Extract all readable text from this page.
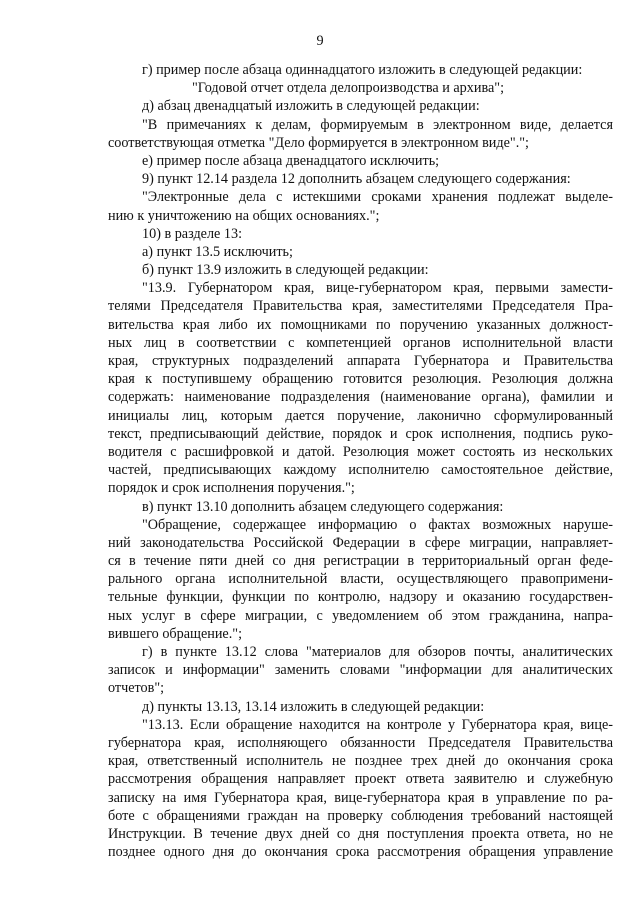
9
г) пример после абзаца одиннадцатого изложить в следующей редакции:
"Годовой отчет отдела делопроизводства и архива";
д) абзац двенадцатый изложить в следующей редакции:
"В примечаниях к делам, формируемым в электронном виде, делается
соответствующая отметка "Дело формируется в электронном виде".";
е) пример после абзаца двенадцатого исключить;
9) пункт 12.14 раздела 12 дополнить абзацем следующего содержания:
"Электронные дела с истекшими сроками хранения подлежат выделе-
нию к уничтожению на общих основаниях.";
10) в разделе 13:
а) пункт 13.5 исключить;
б) пункт 13.9 изложить в следующей редакции:
"13.9. Губернатором края, вице-губернатором края, первыми замести-
телями Председателя Правительства края, заместителями Председателя Пра-
вительства края либо их помощниками по поручению указанных должност-
ных лиц в соответствии с компетенцией органов исполнительной власти
края, структурных подразделений аппарата Губернатора и Правительства
края к поступившему обращению готовится резолюция. Резолюция должна
содержать: наименование подразделения (наименование органа), фамилии и
инициалы лиц, которым дается поручение, лаконично сформулированный
текст, предписывающий действие, порядок и срок исполнения, подпись руко-
водителя с расшифровкой и датой. Резолюция может состоять из нескольких
частей, предписывающих каждому исполнителю самостоятельное действие,
порядок и срок исполнения поручения.";
в) пункт 13.10 дополнить абзацем следующего содержания:
"Обращение, содержащее информацию о фактах возможных наруше-
ний законодательства Российской Федерации в сфере миграции, направляет-
ся в течение пяти дней со дня регистрации в территориальный орган феде-
рального органа исполнительной власти, осуществляющего правопримени-
тельные функции, функции по контролю, надзору и оказанию государствен-
ных услуг в сфере миграции, с уведомлением об этом гражданина, напра-
вившего обращение.";
г) в пункте 13.12 слова "материалов для обзоров почты, аналитических
записок и информации" заменить словами "информации для аналитических
отчетов";
д) пункты 13.13, 13.14 изложить в следующей редакции:
"13.13. Если обращение находится на контроле у Губернатора края, вице-
губернатора края, исполняющего обязанности Председателя Правительства
края, ответственный исполнитель не позднее трех дней до окончания срока
рассмотрения обращения направляет проект ответа заявителю и служебную
записку на имя Губернатора края, вице-губернатора края в управление по ра-
боте с обращениями граждан на проверку соблюдения требований настоящей
Инструкции. В течение двух дней со дня поступления проекта ответа, но не
позднее одного дня до окончания срока рассмотрения обращения управление
